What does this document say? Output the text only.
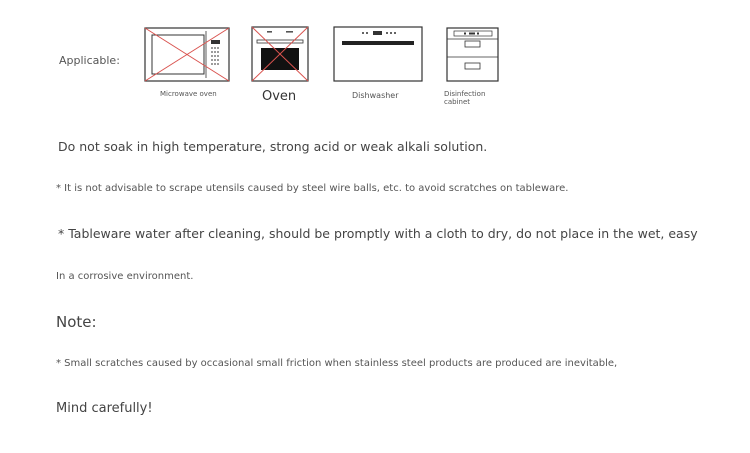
Applicable:
Microwave oven	Oven	Dishwasher	Disinfection cabinet
Do not soak in high temperature, strong acid or weak alkali solution.
* It is not advisable to scrape utensils caused by steel wire balls, etc. to avoid scratches on tableware.
* Tableware water after cleaning, should be promptly with a cloth to dry, do not place in the wet, easy
In a corrosive environment.
Note:
* Small scratches caused by occasional small friction when stainless steel products are produced are inevitable,
Mind carefully!
